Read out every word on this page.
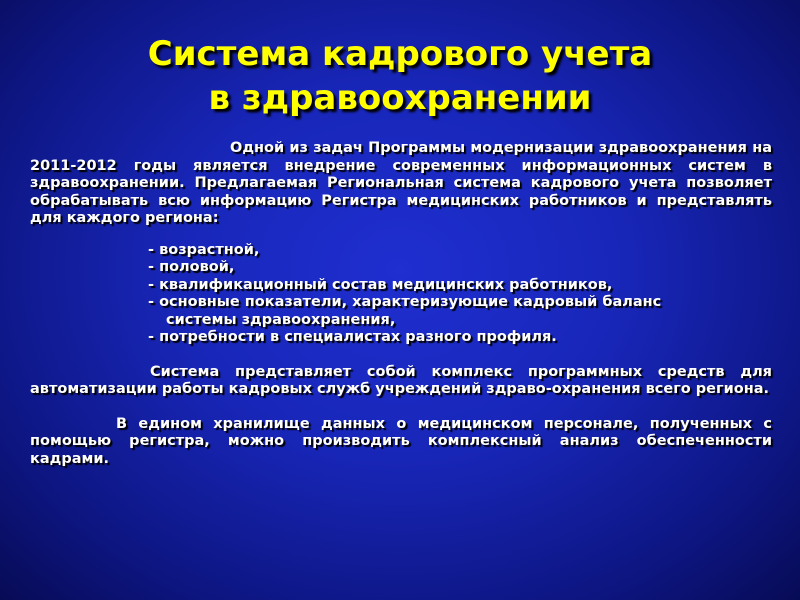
Система кадрового учета
в здравоохранении

Одной из задач Программы модернизации здравоохранения на 2011-2012 годы является внедрение современных информационных систем в здравоохранении. Предлагаемая Региональная система кадрового учета позволяет обрабатывать всю информацию Регистра медицинских работников и представлять для каждого региона:

- возрастной,
- половой,
- квалификационный состав медицинских работников,
- основные показатели, характеризующие кадровый баланс
системы здравоохранения,
- потребности в специалистах разного профиля.

Система представляет собой комплекс программных средств для автоматизации работы кадровых служб учреждений здраво-охранения всего региона.

В едином хранилище данных о медицинском персонале, полученных с помощью регистра, можно производить комплексный анализ обеспеченности кадрами.
